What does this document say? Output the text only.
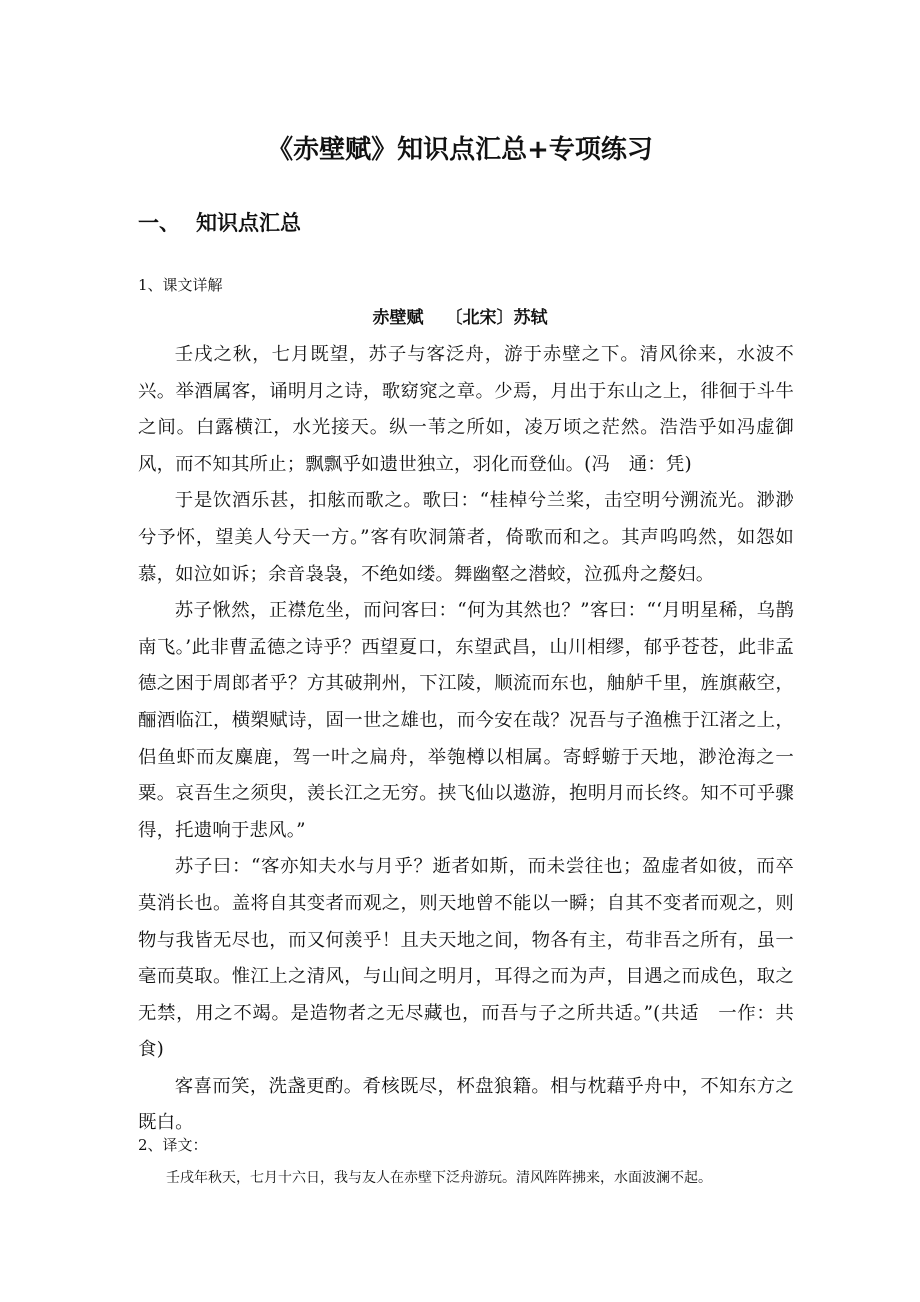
《赤壁赋》知识点汇总+专项练习
一、 知识点汇总

1、课文详解

赤壁赋 〔北宋〕苏轼

壬戌之秋，七月既望，苏子与客泛舟，游于赤壁之下。清风徐来，水波不兴。举酒属客，诵明月之诗，歌窈窕之章。少焉，月出于东山之上，徘徊于斗牛之间。白露横江，水光接天。纵一苇之所如，凌万顷之茫然。浩浩乎如冯虚御风，而不知其所止；飘飘乎如遗世独立，羽化而登仙。(冯　通：凭)

于是饮酒乐甚，扣舷而歌之。歌曰：“桂棹兮兰桨，击空明兮溯流光。渺渺兮予怀，望美人兮天一方。”客有吹洞箫者，倚歌而和之。其声呜呜然，如怨如慕，如泣如诉；余音袅袅，不绝如缕。舞幽壑之潜蛟，泣孤舟之嫠妇。

苏子愀然，正襟危坐，而问客曰：“何为其然也？”客曰：“‘月明星稀，乌鹊南飞。’此非曹孟德之诗乎？西望夏口，东望武昌，山川相缪，郁乎苍苍，此非孟德之困于周郎者乎？方其破荆州，下江陵，顺流而东也，舳舻千里，旌旗蔽空，酾酒临江，横槊赋诗，固一世之雄也，而今安在哉？况吾与子渔樵于江渚之上，侣鱼虾而友麋鹿，驾一叶之扁舟，举匏樽以相属。寄蜉蝣于天地，渺沧海之一粟。哀吾生之须臾，羡长江之无穷。挟飞仙以遨游，抱明月而长终。知不可乎骤得，托遗响于悲风。”

苏子曰：“客亦知夫水与月乎？逝者如斯，而未尝往也；盈虚者如彼，而卒莫消长也。盖将自其变者而观之，则天地曾不能以一瞬；自其不变者而观之，则物与我皆无尽也，而又何羡乎！且夫天地之间，物各有主，苟非吾之所有，虽一毫而莫取。惟江上之清风，与山间之明月，耳得之而为声，目遇之而成色，取之无禁，用之不竭。是造物者之无尽藏也，而吾与子之所共适。”(共适　一作：共食)

客喜而笑，洗盏更酌。肴核既尽，杯盘狼籍。相与枕藉乎舟中，不知东方之既白。

2、译文：

壬戌年秋天，七月十六日，我与友人在赤壁下泛舟游玩。清风阵阵拂来，水面波澜不起。
